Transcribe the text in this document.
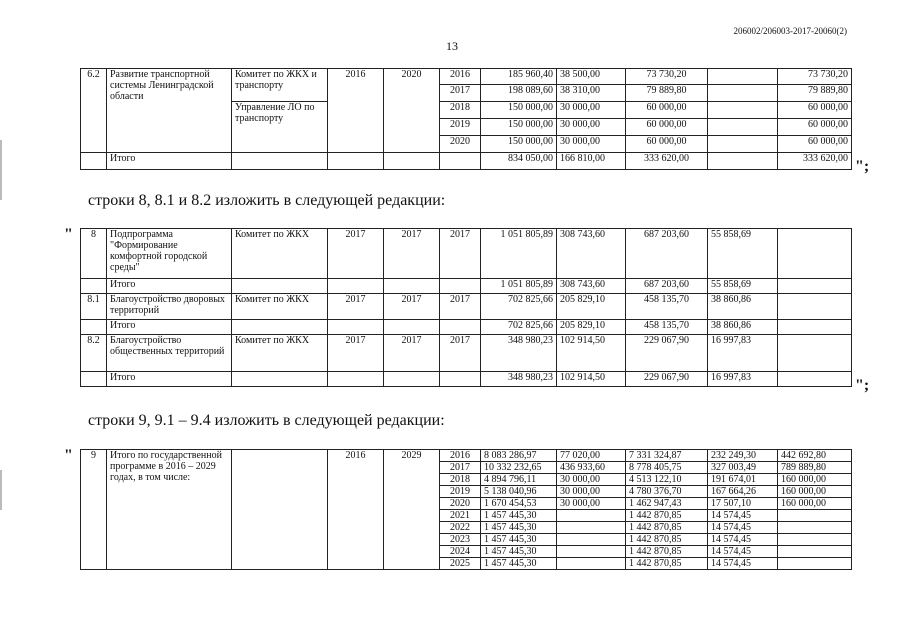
206002/206003-2017-20060(2)
13
6.2	Развитие транспортной системы Ленинградской области	Комитет по ЖКХ и транспорту	2016	2020	2016	185 960,40	38 500,00	73 730,20		73 730,20
					2017	198 089,60	38 310,00	79 889,80		79 889,80
		Управление ЛО по транспорту			2018	150 000,00	30 000,00	60 000,00		60 000,00
					2019	150 000,00	30 000,00	60 000,00		60 000,00
					2020	150 000,00	30 000,00	60 000,00		60 000,00
	Итого					834 050,00	166 810,00	333 620,00		333 620,00 ";
строки 8, 8.1 и 8.2 изложить в следующей редакции:
" 8	Подпрограмма "Формирование комфортной городской среды"	Комитет по ЖКХ	2017	2017	2017	1 051 805,89	308 743,60	687 203,60	55 858,69	
	Итого					1 051 805,89	308 743,60	687 203,60	55 858,69	
8.1	Благоустройство дворовых территорий	Комитет по ЖКХ	2017	2017	2017	702 825,66	205 829,10	458 135,70	38 860,86	
	Итого					702 825,66	205 829,10	458 135,70	38 860,86	
8.2	Благоустройство общественных территорий	Комитет по ЖКХ	2017	2017	2017	348 980,23	102 914,50	229 067,90	16 997,83	
	Итого					348 980,23	102 914,50	229 067,90	16 997,83		";
строки 9, 9.1 – 9.4 изложить в следующей редакции:
" 9	Итого по государственной программе в 2016 – 2029 годах, в том числе:		2016	2029	2016	8 083 286,97	77 020,00	7 331 324,87	232 249,30	442 692,80
					2017	10 332 232,65	436 933,60	8 778 405,75	327 003,49	789 889,80
					2018	4 894 796,11	30 000,00	4 513 122,10	191 674,01	160 000,00
					2019	5 138 040,96	30 000,00	4 780 376,70	167 664,26	160 000,00
					2020	1 670 454,53	30 000,00	1 462 947,43	17 507,10	160 000,00
					2021	1 457 445,30		1 442 870,85	14 574,45	
					2022	1 457 445,30		1 442 870,85	14 574,45	
					2023	1 457 445,30		1 442 870,85	14 574,45	
					2024	1 457 445,30		1 442 870,85	14 574,45	
					2025	1 457 445,30		1 442 870,85	14 574,45	
